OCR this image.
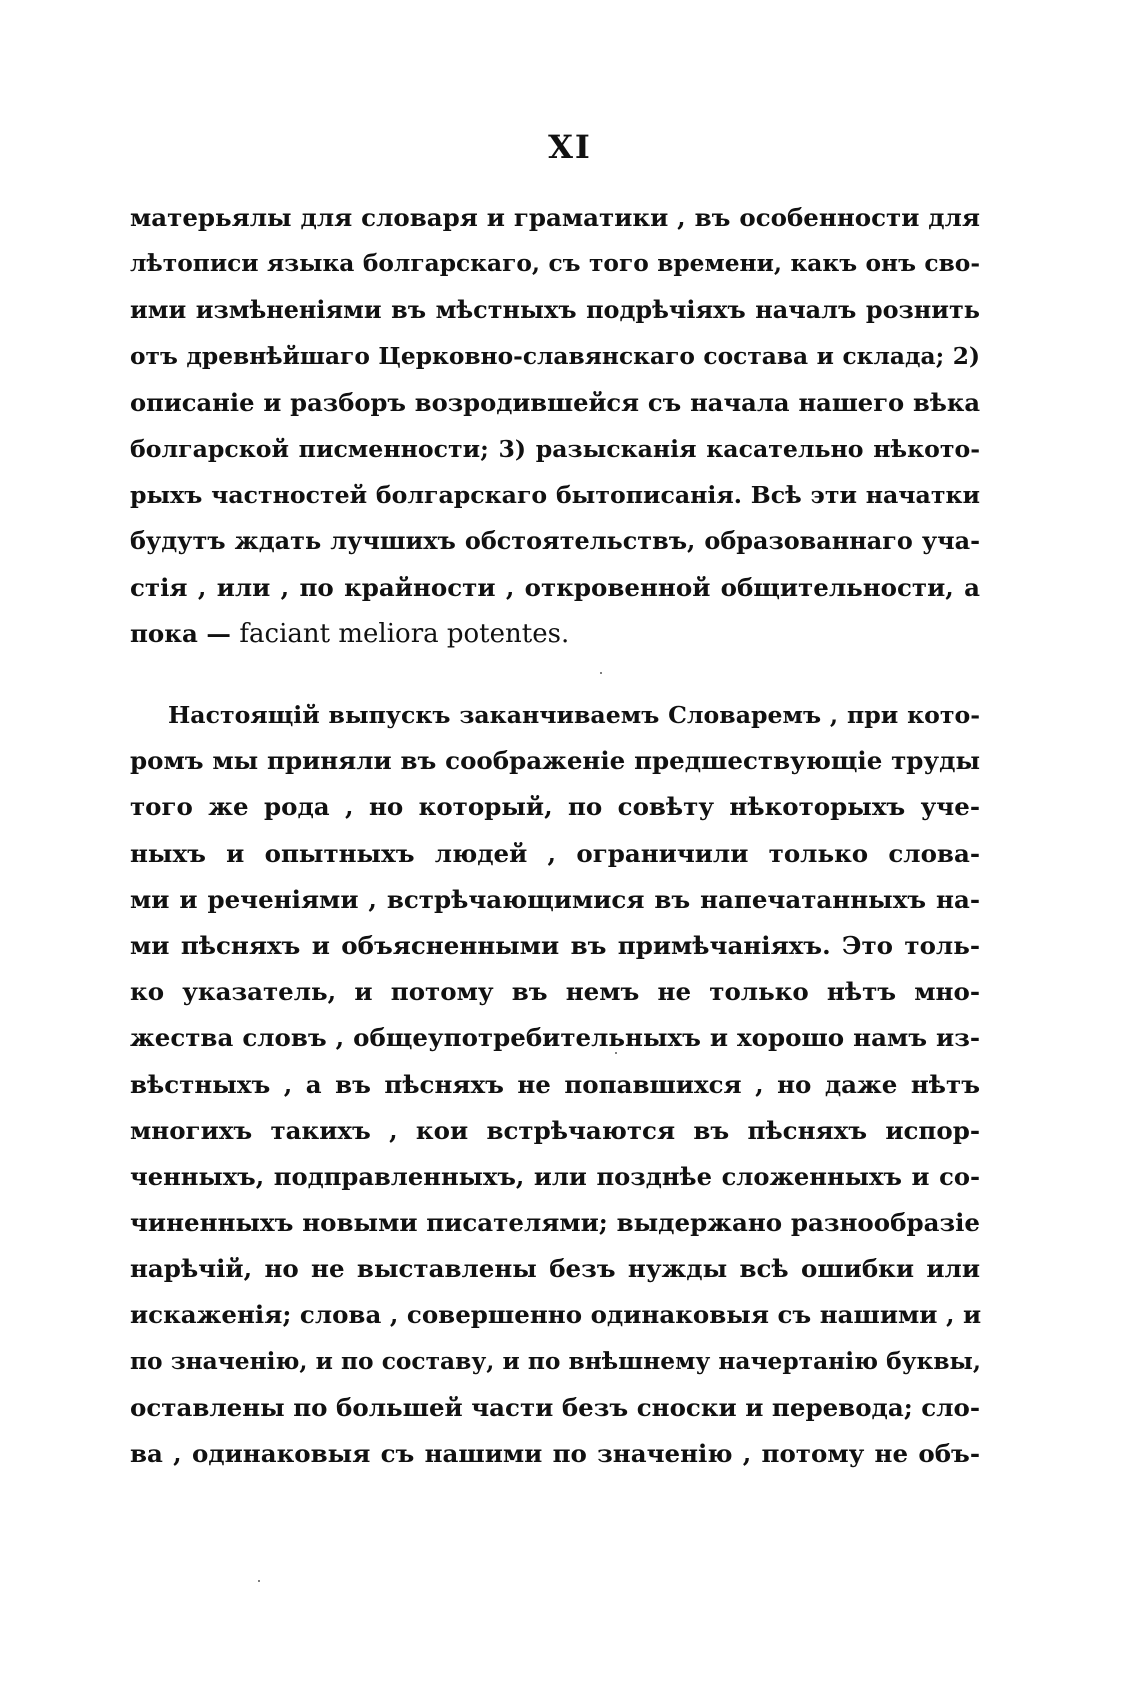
XI
матерьялы для словаря и граматики , въ особенности для
лѣтописи языка болгарскаго, съ того времени, какъ онъ сво-
ими измѣненіями въ мѣстныхъ подрѣчіяхъ началъ рознить
отъ древнѣйшаго Церковно-славянскаго состава и склада; 2)
описаніе и разборъ возродившейся съ начала нашего вѣка
болгарской писменности; 3) разысканія касательно нѣкото-
рыхъ частностей болгарскаго бытописанія. Всѣ эти начатки
будутъ ждать лучшихъ обстоятельствъ, образованнаго уча-
стія , или , по крайности , откровенной общительности, а
пока — faciant meliora potentes.
Настоящій выпускъ заканчиваемъ Словаремъ , при кото-
ромъ мы приняли въ соображеніе предшествующіе труды
того же рода , но который, по совѣту нѣкоторыхъ уче-
ныхъ и опытныхъ людей , ограничили только слова-
ми и реченіями , встрѣчающимися въ напечатанныхъ на-
ми пѣсняхъ и объясненными въ примѣчаніяхъ. Это толь-
ко указатель, и потому въ немъ не только нѣтъ мно-
жества словъ , общеупотребительныхъ и хорошо намъ из-
вѣстныхъ , а въ пѣсняхъ не попавшихся , но даже нѣтъ
многихъ такихъ , кои встрѣчаются въ пѣсняхъ испор-
ченныхъ, подправленныхъ, или позднѣе сложенныхъ и со-
чиненныхъ новыми писателями; выдержано разнообразіе
нарѣчій, но не выставлены безъ нужды всѣ ошибки или
искаженія; слова , совершенно одинаковыя съ нашими , и
по значенію, и по составу, и по внѣшнему начертанію буквы,
оставлены по большей части безъ сноски и перевода; сло-
ва , одинаковыя съ нашими по значенію , потому не объ-
